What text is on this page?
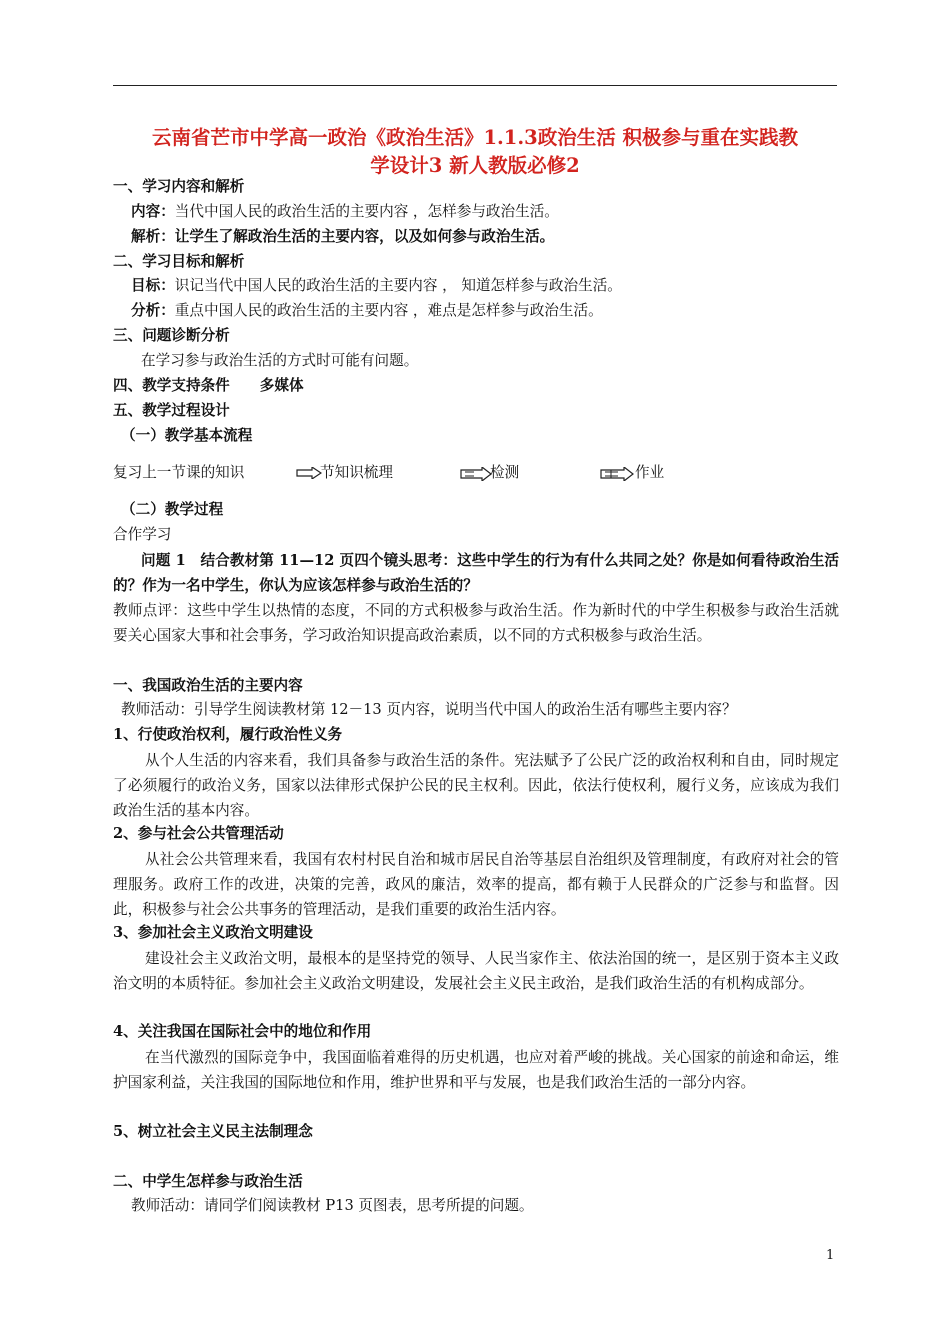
云南省芒市中学高一政治《政治生活》1.1.3政治生活 积极参与重在实践教
学设计3 新人教版必修2
一、学习内容和解析
内容：当代中国人民的政治生活的主要内容 ，怎样参与政治生活。
解析：让学生了解政治生活的主要内容，以及如何参与政治生活。
二、学习目标和解析
目标：识记当代中国人民的政治生活的主要内容 ， 知道怎样参与政治生活。
分析：重点中国人民的政治生活的主要内容 ，难点是怎样参与政治生活。
三、问题诊断分析
在学习参与政治生活的方式时可能有问题。
四、教学支持条件 多媒体
五、教学过程设计
（一）教学基本流程
复习上一节课的知识	节知识梳理	检测	作业
（二）教学过程
合作学习
问题 1　结合教材第 11—12 页四个镜头思考：这些中学生的行为有什么共同之处？你是如何看待政治生活的？作为一名中学生，你认为应该怎样参与政治生活的？
教师点评：这些中学生以热情的态度，不同的方式积极参与政治生活。作为新时代的中学生积极参与政治生活就要关心国家大事和社会事务，学习政治知识提高政治素质，以不同的方式积极参与政治生活。
一、我国政治生活的主要内容
教师活动：引导学生阅读教材第 12－13 页内容，说明当代中国人的政治生活有哪些主要内容？
1、行使政治权利，履行政治性义务
从个人生活的内容来看，我们具备参与政治生活的条件。宪法赋予了公民广泛的政治权利和自由，同时规定了必须履行的政治义务，国家以法律形式保护公民的民主权利。因此，依法行使权利，履行义务，应该成为我们政治生活的基本内容。
2、参与社会公共管理活动
从社会公共管理来看，我国有农村村民自治和城市居民自治等基层自治组织及管理制度，有政府对社会的管理服务。政府工作的改进，决策的完善，政风的廉洁，效率的提高，都有赖于人民群众的广泛参与和监督。因此，积极参与社会公共事务的管理活动，是我们重要的政治生活内容。
3、参加社会主义政治文明建设
建设社会主义政治文明，最根本的是坚持党的领导、人民当家作主、依法治国的统一，是区别于资本主义政治文明的本质特征。参加社会主义政治文明建设，发展社会主义民主政治，是我们政治生活的有机构成部分。
4、关注我国在国际社会中的地位和作用
在当代激烈的国际竞争中，我国面临着难得的历史机遇，也应对着严峻的挑战。关心国家的前途和命运，维护国家利益，关注我国的国际地位和作用，维护世界和平与发展，也是我们政治生活的一部分内容。
5、树立社会主义民主法制理念
二、中学生怎样参与政治生活
教师活动：请同学们阅读教材 P13 页图表，思考所提的问题。
1
